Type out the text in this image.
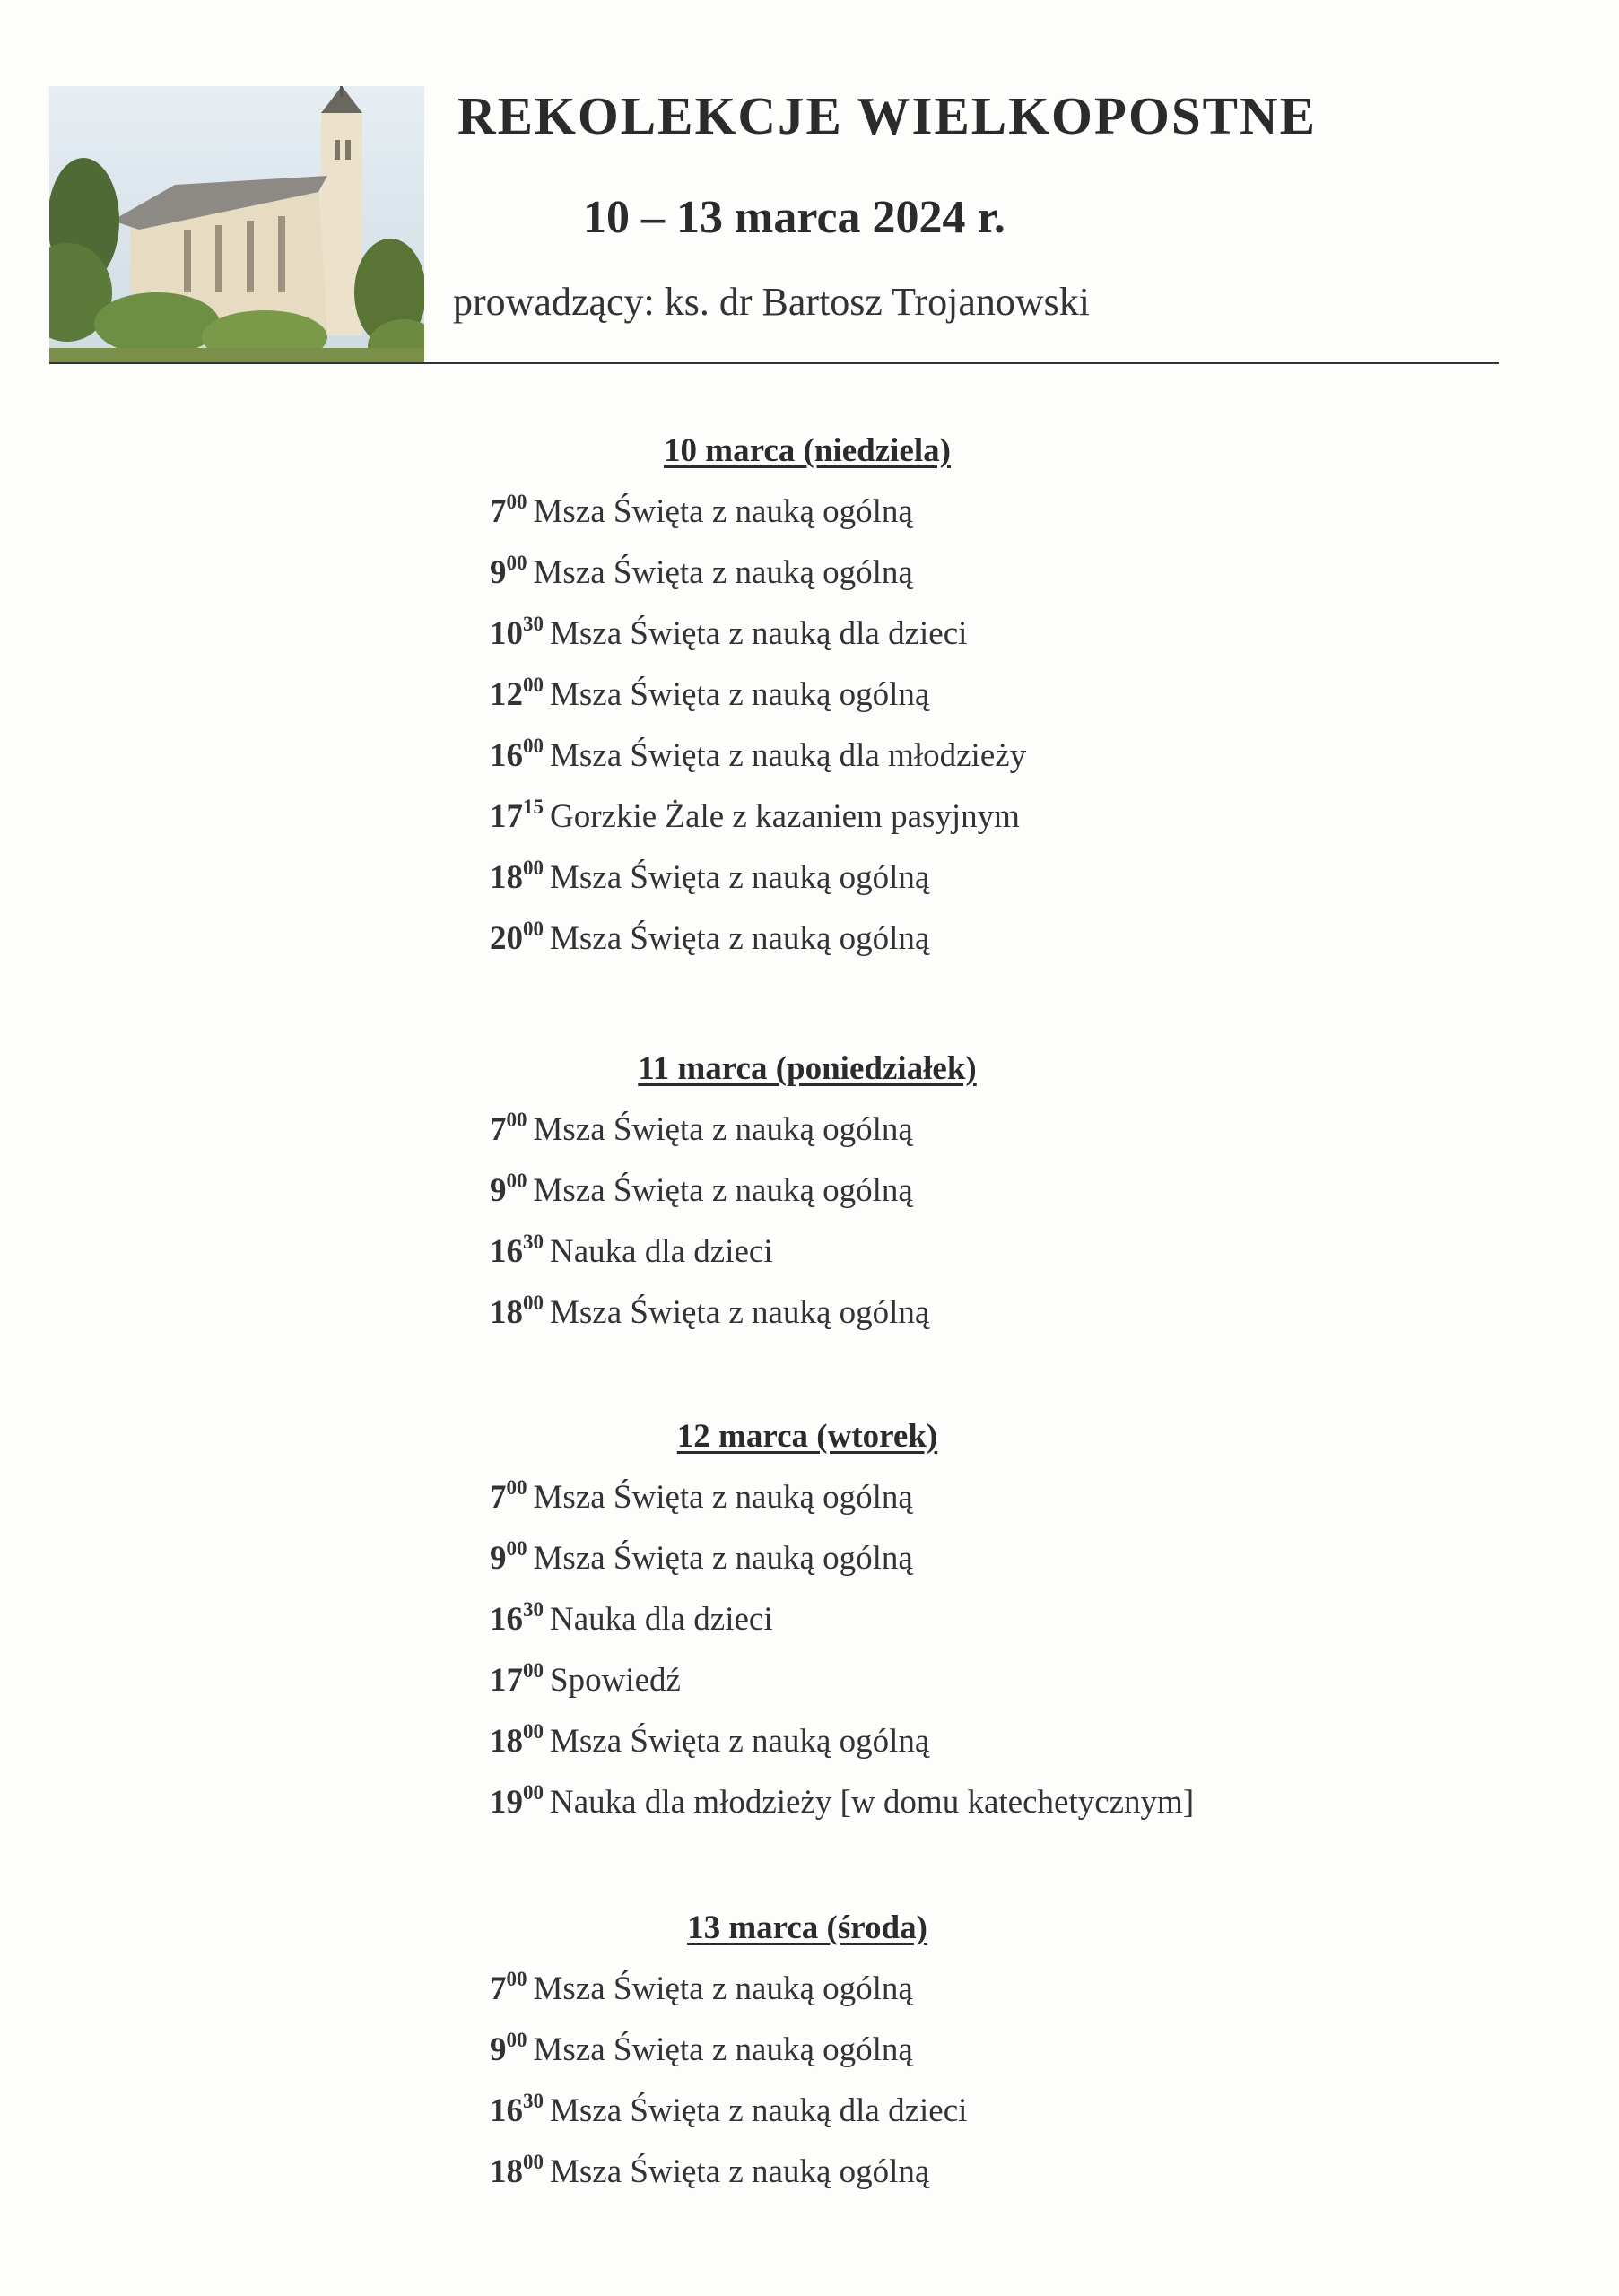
REKOLEKCJE WIELKOPOSTNE
10 – 13 marca 2024 r.
prowadzący: ks. dr Bartosz Trojanowski
10 marca (niedziela)
$7^{00}$ Msza Święta z nauką ogólną
$9^{00}$ Msza Święta z nauką ogólną
$10^{30}$ Msza Święta z nauką dla dzieci
$12^{00}$ Msza Święta z nauką ogólną
$16^{00}$ Msza Święta z nauką dla młodzieży
$17^{15}$ Gorzkie Żale z kazaniem pasyjnym
$18^{00}$ Msza Święta z nauką ogólną
$20^{00}$ Msza Święta z nauką ogólną
11 marca (poniedziałek)
$7^{00}$ Msza Święta z nauką ogólną
$9^{00}$ Msza Święta z nauką ogólną
$16^{30}$ Nauka dla dzieci
$18^{00}$ Msza Święta z nauką ogólną
12 marca (wtorek)
$7^{00}$ Msza Święta z nauką ogólną
$9^{00}$ Msza Święta z nauką ogólną
$16^{30}$ Nauka dla dzieci
$17^{00}$ Spowiedź
$18^{00}$ Msza Święta z nauką ogólną
$19^{00}$ Nauka dla młodzieży [w domu katechetycznym]
13 marca (środa)
$7^{00}$ Msza Święta z nauką ogólną
$9^{00}$ Msza Święta z nauką ogólną
$16^{30}$ Msza Święta z nauką dla dzieci
$18^{00}$ Msza Święta z nauką ogólną
